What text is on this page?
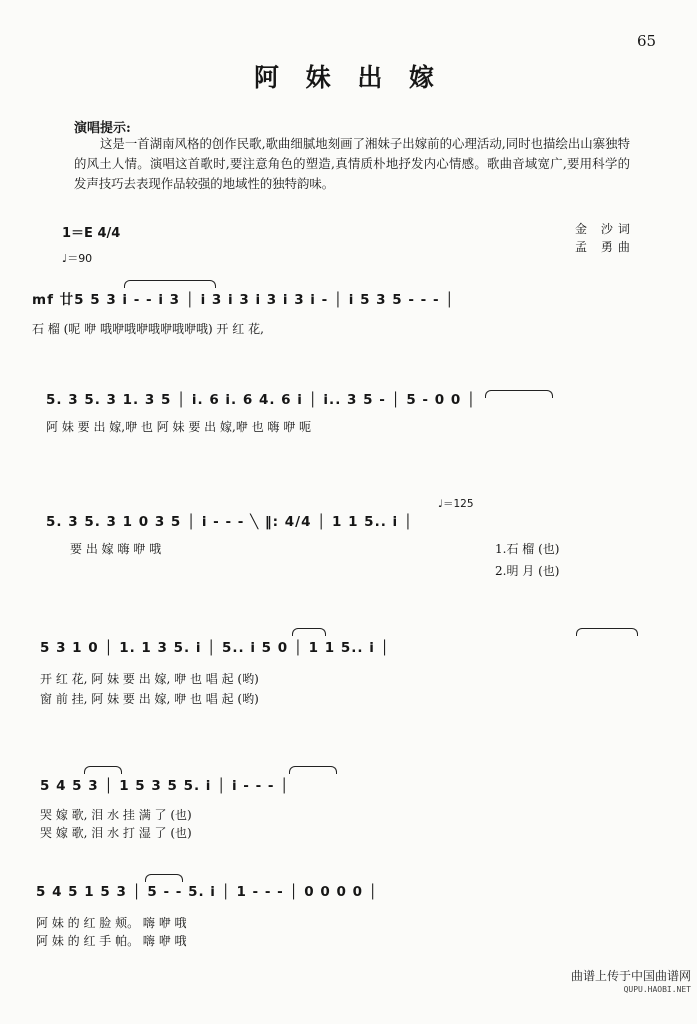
65
阿 妹 出 嫁
演唱提示:
这是一首湖南风格的创作民歌,歌曲细腻地刻画了湘妹子出嫁前的心理活动,同时也描绘出山寨独特的风土人情。演唱这首歌时,要注意角色的塑造,真情质朴地抒发内心情感。歌曲音域宽广,要用科学的发声技巧去表现作品较强的地域性的独特韵味。
1＝E 4/4
♩＝90
金 沙词
孟 勇曲
mf 廿5 5 3 i - - i 3 │ i 3 i 3 i 3 i 3 i - │ i 5 3 5 - - - │
石 榴 (呢 咿 哦咿哦咿哦咿哦咿哦) 开 红 花,
5. 3 5. 3 1. 3 5 │ i. 6 i. 6 4. 6 i │ i.. 3 5 - │ 5 - 0 0 │
阿 妹 要 出 嫁,咿 也 阿 妹 要 出 嫁,咿 也 嗨 咿 呃
♩＝125
5. 3 5. 3 1 0 3 5 │ i - - - ╲ ‖: 4/4 │ 1 1 5.. i │
要 出 嫁 嗨 咿 哦	1.石 榴 (也)
2.明 月 (也)
5 3 1 0 │ 1. 1 3 5. i │ 5.. i 5 0 │ 1 1 5.. i │
开 红 花, 阿 妹 要 出 嫁, 咿 也 唱 起 (哟)
窗 前 挂, 阿 妹 要 出 嫁, 咿 也 唱 起 (哟)
5 4 5 3 │ 1 5 3 5 5. i │ i - - - │
哭 嫁 歌, 泪 水 挂 满 了 (也)
哭 嫁 歌, 泪 水 打 湿 了 (也)
5 4 5 1 5 3 │ 5 - - 5. i │ 1 - - - │ 0 0 0 0 │
阿 妹 的 红 脸 颊。 嗨 咿 哦
阿 妹 的 红 手 帕。 嗨 咿 哦
曲谱上传于中国曲谱网
QUPU.HAOBI.NET
